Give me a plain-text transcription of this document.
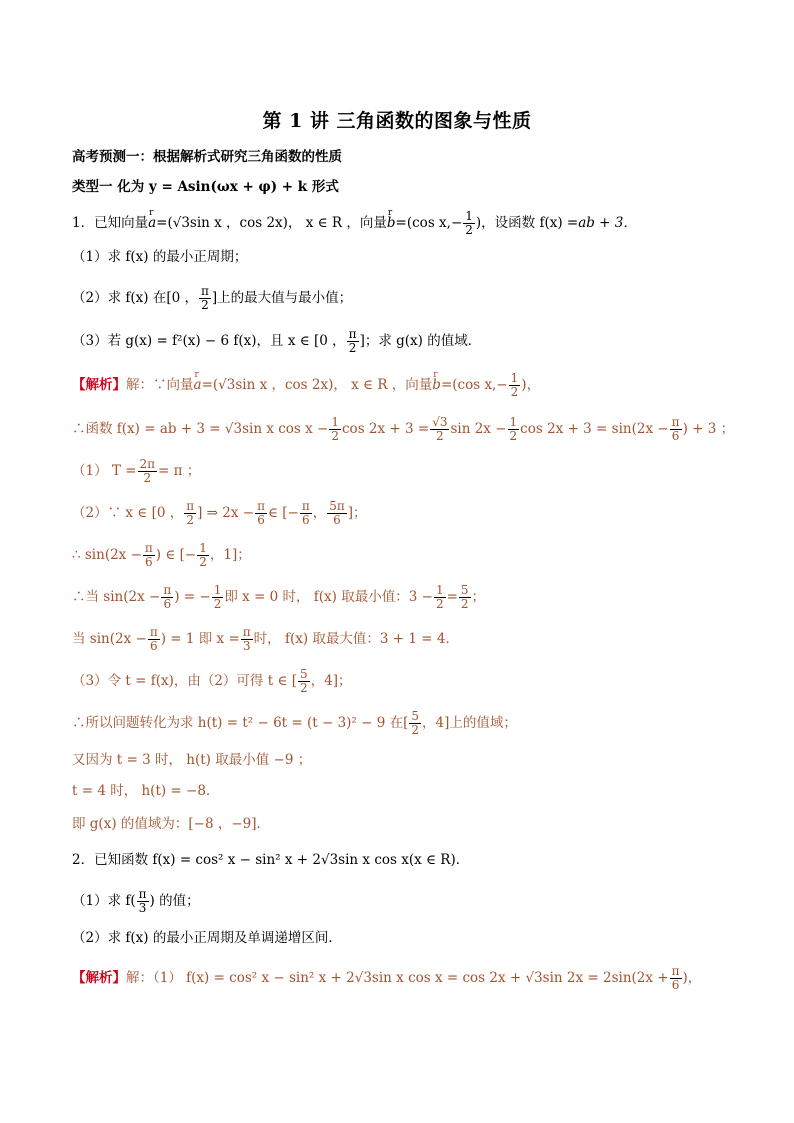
第 1 讲 三角函数的图象与性质
高考预测一：根据解析式研究三角函数的性质
类型一 化为 y = Asin(ωx + φ) + k 形式
1．已知向量r a=(√3sin x ，cos 2x)， x ∈ R ，向量r b=(cos $x,- \frac{1}{2}$ )，设函数 f(x) =ab + 3．
（1）求 f(x) 的最小正周期；
（2）求 f(x) 在[0 ， $\frac{\pi}{2}$ ]上的最大值与最小值；
（3）若 g(x) = f²(x) − 6 f(x)，且 x ∈ [0 ， $\frac{\pi}{2}$ ]；求 g(x) 的值域．
【解析】解：∵向量r a=(√3sin x ，cos 2x)， x ∈ R ，向量r b=(cos $x,- \frac{1}{2}$ )，
∴函数 f(x) = ab + 3 = √3sin x $\cos x - \frac{1}{2}$ $\cos 2x + 3 = \frac{√3}{2}$ $\sin 2x - \frac{1}{2}$ $\cos 2x + 3 = \sin(2x - \frac{\pi}{6}$ ) + 3 ；
（1） $T = \frac{2\pi}{2} = \pi$ ；
（2）∵ x ∈ [0 ， $\frac{\pi}{2}$ ] ⇒ $2x - \frac{\pi}{6}$ ∈ [− $\frac{\pi}{6}$ ， $\frac{5\pi}{6}$ ]；
∴ $\sin(2x - \frac{\pi}{6}$ ) ∈ [− $\frac{1}{2}$ ，1]；
∴当 $\sin(2x - \frac{\pi}{6}$ ) = − $\frac{1}{2}$ 即 x = 0 时， f(x) 取最小值：$3 - \frac{1}{2} = \frac{5}{2}$ ；
当 $\sin(2x - \frac{\pi}{6}$ ) = 1 即 $x = \frac{\pi}{3}$ 时， f(x) 取最大值：3 + 1 = 4．
（3）令 t = f(x)，由（2）可得 t ∈ [ $\frac{5}{2}$ ，4]；
∴所以问题转化为求 h(t) = t² − 6t = (t − 3)² − 9 在[ $\frac{5}{2}$ ，4]上的值域；
又因为 t = 3 时， h(t) 取最小值 −9 ；
t = 4 时， h(t) = −8．
即 g(x) 的值域为：[−8 ，−9]．
2．已知函数 f(x) = cos² x − sin² x + 2√3sin x cos x(x ∈ R)．
（1）求 $f( \frac{\pi}{3}$ ) 的值；
（2）求 f(x) 的最小正周期及单调递增区间．
【解析】解：（1） f(x) = cos² x − sin² x + 2√3sin x cos x = cos 2x + √3sin $2x = 2\sin(2x + \frac{\pi}{6}$ )，
